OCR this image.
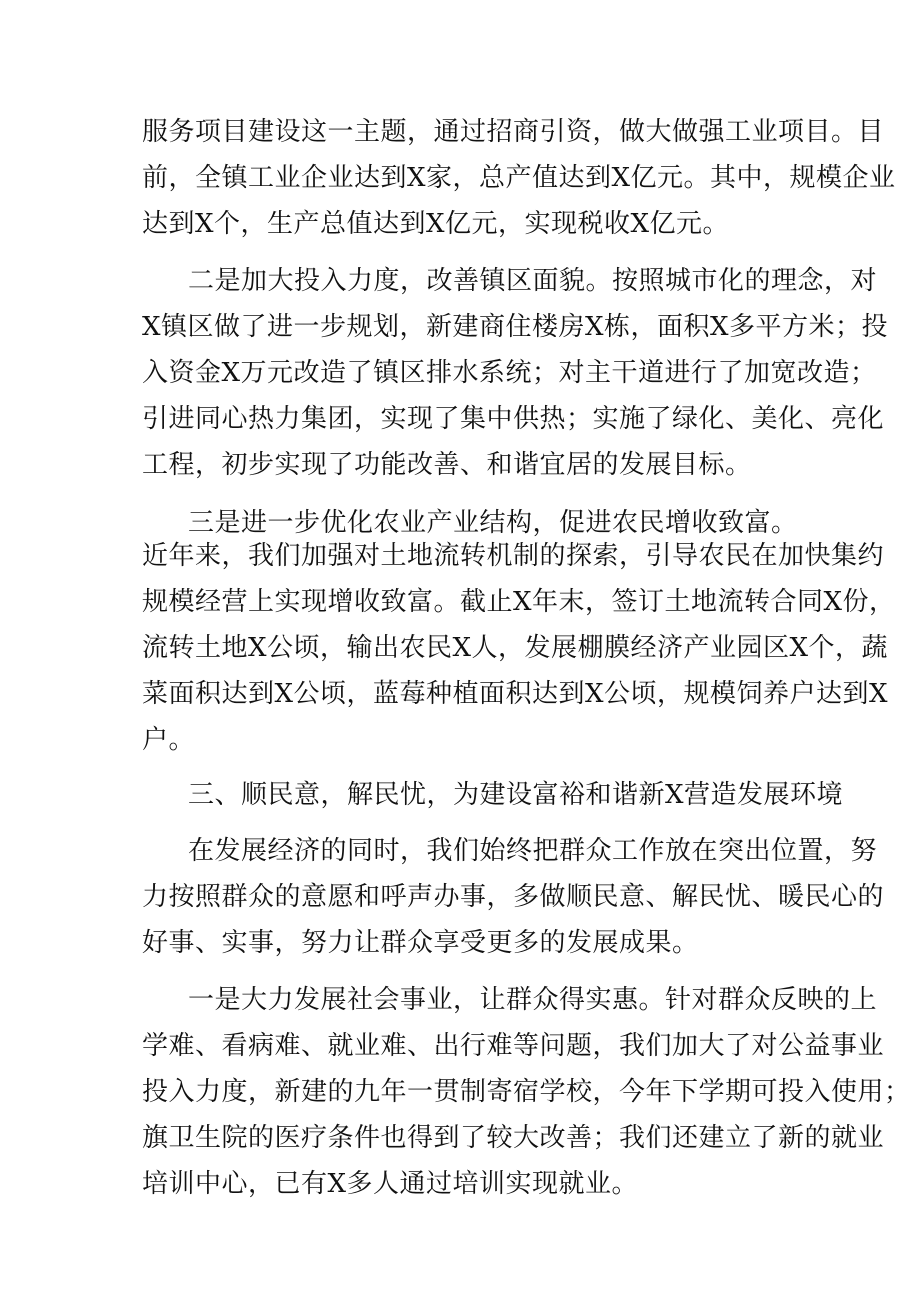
服务项目建设这一主题，通过招商引资，做大做强工业项目。目
前，全镇工业企业达到X家，总产值达到X亿元。其中，规模企业
达到X个，生产总值达到X亿元，实现税收X亿元。
二是加大投入力度，改善镇区面貌。按照城市化的理念，对
X镇区做了进一步规划，新建商住楼房X栋，面积X多平方米；投
入资金X万元改造了镇区排水系统；对主干道进行了加宽改造；
引进同心热力集团，实现了集中供热；实施了绿化、美化、亮化
工程，初步实现了功能改善、和谐宜居的发展目标。
三是进一步优化农业产业结构，促进农民增收致富。
近年来，我们加强对土地流转机制的探索，引导农民在加快集约
规模经营上实现增收致富。截止X年末，签订土地流转合同X份，
流转土地X公顷，输出农民X人，发展棚膜经济产业园区X个，蔬
菜面积达到X公顷，蓝莓种植面积达到X公顷，规模饲养户达到X
户。
三、顺民意，解民忧，为建设富裕和谐新X营造发展环境
在发展经济的同时，我们始终把群众工作放在突出位置，努
力按照群众的意愿和呼声办事，多做顺民意、解民忧、暖民心的
好事、实事，努力让群众享受更多的发展成果。
一是大力发展社会事业，让群众得实惠。针对群众反映的上
学难、看病难、就业难、出行难等问题，我们加大了对公益事业
投入力度，新建的九年一贯制寄宿学校，今年下学期可投入使用；
旗卫生院的医疗条件也得到了较大改善；我们还建立了新的就业
培训中心，已有X多人通过培训实现就业。
